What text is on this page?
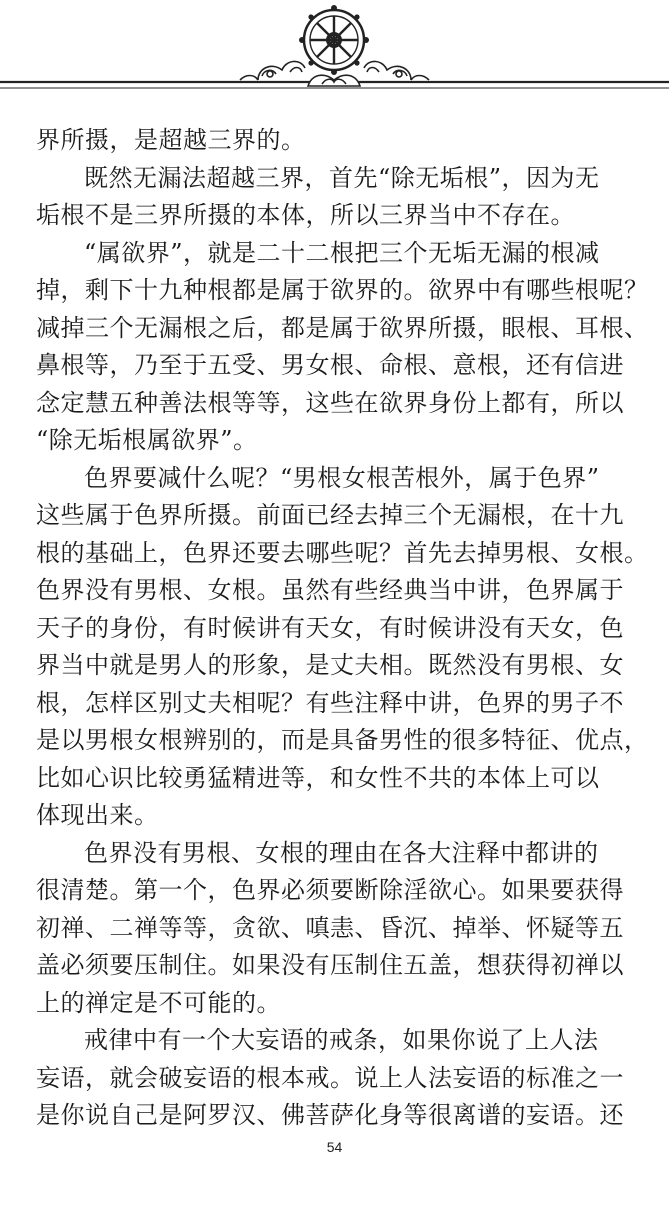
界所摄，是超越三界的。
既然无漏法超越三界，首先“除无垢根”，因为无
垢根不是三界所摄的本体，所以三界当中不存在。
“属欲界”，就是二十二根把三个无垢无漏的根减
掉，剩下十九种根都是属于欲界的。欲界中有哪些根呢？
减掉三个无漏根之后，都是属于欲界所摄，眼根、耳根、
鼻根等，乃至于五受、男女根、命根、意根，还有信进
念定慧五种善法根等等，这些在欲界身份上都有，所以
“除无垢根属欲界”。
色界要减什么呢？“男根女根苦根外，属于色界”
这些属于色界所摄。前面已经去掉三个无漏根，在十九
根的基础上，色界还要去哪些呢？首先去掉男根、女根。
色界没有男根、女根。虽然有些经典当中讲，色界属于
天子的身份，有时候讲有天女，有时候讲没有天女，色
界当中就是男人的形象，是丈夫相。既然没有男根、女
根，怎样区别丈夫相呢？有些注释中讲，色界的男子不
是以男根女根辨别的，而是具备男性的很多特征、优点，
比如心识比较勇猛精进等，和女性不共的本体上可以
体现出来。
色界没有男根、女根的理由在各大注释中都讲的
很清楚。第一个，色界必须要断除淫欲心。如果要获得
初禅、二禅等等，贪欲、嗔恚、昏沉、掉举、怀疑等五
盖必须要压制住。如果没有压制住五盖，想获得初禅以
上的禅定是不可能的。
戒律中有一个大妄语的戒条，如果你说了上人法
妄语，就会破妄语的根本戒。说上人法妄语的标准之一
是你说自己是阿罗汉、佛菩萨化身等很离谱的妄语。还
54
